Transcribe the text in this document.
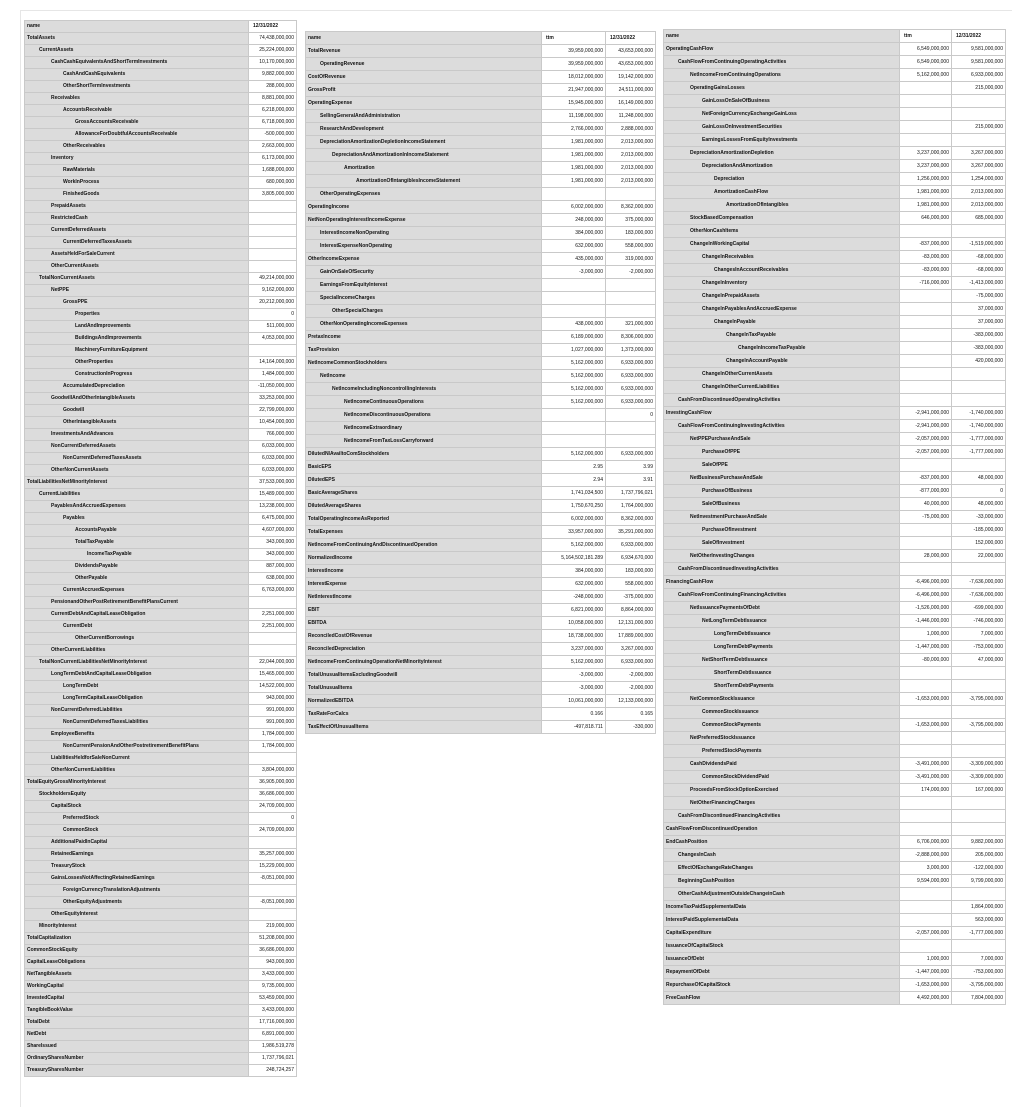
name	12/31/2022
TotalAssets	74,438,000,000
CurrentAssets	25,224,000,000
CashCashEquivalentsAndShortTermInvestments	10,170,000,000
CashAndCashEquivalents	9,882,000,000
OtherShortTermInvestments	288,000,000
Receivables	8,881,000,000
AccountsReceivable	6,218,000,000
GrossAccountsReceivable	6,718,000,000
AllowanceForDoubtfulAccountsReceivable	-500,000,000
OtherReceivables	2,663,000,000
Inventory	6,173,000,000
RawMaterials	1,688,000,000
WorkInProcess	680,000,000
FinishedGoods	3,805,000,000
PrepaidAssets	
RestrictedCash	
CurrentDeferredAssets	
CurrentDeferredTaxesAssets	
AssetsHeldForSaleCurrent	
OtherCurrentAssets	
TotalNonCurrentAssets	49,214,000,000
NetPPE	9,162,000,000
GrossPPE	20,212,000,000
Properties	0
LandAndImprovements	511,000,000
BuildingsAndImprovements	4,053,000,000
MachineryFurnitureEquipment	
OtherProperties	14,164,000,000
ConstructionInProgress	1,484,000,000
AccumulatedDepreciation	-11,050,000,000
GoodwillAndOtherIntangibleAssets	33,253,000,000
Goodwill	22,799,000,000
OtherIntangibleAssets	10,454,000,000
InvestmentsAndAdvances	766,000,000
NonCurrentDeferredAssets	6,033,000,000
NonCurrentDeferredTaxesAssets	6,033,000,000
OtherNonCurrentAssets	6,033,000,000
TotalLiabilitiesNetMinorityInterest	37,533,000,000
CurrentLiabilities	15,489,000,000
PayablesAndAccruedExpenses	13,238,000,000
Payables	6,475,000,000
AccountsPayable	4,607,000,000
TotalTaxPayable	343,000,000
IncomeTaxPayable	343,000,000
DividendsPayable	887,000,000
OtherPayable	638,000,000
CurrentAccruedExpenses	6,763,000,000
PensionandOtherPostRetirementBenefitPlansCurrent	
CurrentDebtAndCapitalLeaseObligation	2,251,000,000
CurrentDebt	2,251,000,000
OtherCurrentBorrowings	
OtherCurrentLiabilities	
TotalNonCurrentLiabilitiesNetMinorityInterest	22,044,000,000
LongTermDebtAndCapitalLeaseObligation	15,465,000,000
LongTermDebt	14,522,000,000
LongTermCapitalLeaseObligation	943,000,000
NonCurrentDeferredLiabilities	991,000,000
NonCurrentDeferredTaxesLiabilities	991,000,000
EmployeeBenefits	1,784,000,000
NonCurrentPensionAndOtherPostretirementBenefitPlans	1,784,000,000
LiabilitiesHeldforSaleNonCurrent	
OtherNonCurrentLiabilities	3,804,000,000
TotalEquityGrossMinorityInterest	36,905,000,000
StockholdersEquity	36,686,000,000
CapitalStock	24,709,000,000
PreferredStock	0
CommonStock	24,709,000,000
AdditionalPaidInCapital	
RetainedEarnings	35,257,000,000
TreasuryStock	15,229,000,000
GainsLossesNotAffectingRetainedEarnings	-8,051,000,000
ForeignCurrencyTranslationAdjustments	
OtherEquityAdjustments	-8,051,000,000
OtherEquityInterest	
MinorityInterest	219,000,000
TotalCapitalization	51,208,000,000
CommonStockEquity	36,686,000,000
CapitalLeaseObligations	943,000,000
NetTangibleAssets	3,433,000,000
WorkingCapital	9,735,000,000
InvestedCapital	53,459,000,000
TangibleBookValue	3,433,000,000
TotalDebt	17,716,000,000
NetDebt	6,891,000,000
ShareIssued	1,986,519,278
OrdinarySharesNumber	1,737,796,021
TreasurySharesNumber	248,724,257
name	ttm	12/31/2022
TotalRevenue	39,959,000,000	43,653,000,000
OperatingRevenue	39,959,000,000	43,653,000,000
CostOfRevenue	18,012,000,000	19,142,000,000
GrossProfit	21,947,000,000	24,511,000,000
OperatingExpense	15,945,000,000	16,149,000,000
SellingGeneralAndAdministration	11,198,000,000	11,248,000,000
ResearchAndDevelopment	2,766,000,000	2,888,000,000
DepreciationAmortizationDepletionIncomeStatement	1,981,000,000	2,013,000,000
DepreciationAndAmortizationInIncomeStatement	1,981,000,000	2,013,000,000
Amortization	1,981,000,000	2,013,000,000
AmortizationOfIntangiblesIncomeStatement	1,981,000,000	2,013,000,000
OtherOperatingExpenses		
OperatingIncome	6,002,000,000	8,362,000,000
NetNonOperatingInterestIncomeExpense	248,000,000	375,000,000
InterestIncomeNonOperating	384,000,000	183,000,000
InterestExpenseNonOperating	632,000,000	558,000,000
OtherIncomeExpense	435,000,000	319,000,000
GainOnSaleOfSecurity	-3,000,000	-2,000,000
EarningsFromEquityInterest		
SpecialIncomeCharges		
OtherSpecialCharges		
OtherNonOperatingIncomeExpenses	438,000,000	321,000,000
PretaxIncome	6,189,000,000	8,306,000,000
TaxProvision	1,027,000,000	1,373,000,000
NetIncomeCommonStockholders	5,162,000,000	6,933,000,000
NetIncome	5,162,000,000	6,933,000,000
NetIncomeIncludingNoncontrollingInterests	5,162,000,000	6,933,000,000
NetIncomeContinuousOperations	5,162,000,000	6,933,000,000
NetIncomeDiscontinuousOperations		0
NetIncomeExtraordinary		
NetIncomeFromTaxLossCarryforward		
DilutedNIAvailtoComStockholders	5,162,000,000	6,933,000,000
BasicEPS	2.95	3.99
DilutedEPS	2.94	3.91
BasicAverageShares	1,741,034,500	1,737,796,021
DilutedAverageShares	1,750,670,250	1,764,000,000
TotalOperatingIncomeAsReported	6,002,000,000	8,362,000,000
TotalExpenses	33,957,000,000	35,291,000,000
NetIncomeFromContinuingAndDiscontinuedOperation	5,162,000,000	6,933,000,000
NormalizedIncome	5,164,502,181.289	6,934,670,000
InterestIncome	384,000,000	183,000,000
InterestExpense	632,000,000	558,000,000
NetInterestIncome	-248,000,000	-375,000,000
EBIT	6,821,000,000	8,864,000,000
EBITDA	10,058,000,000	12,131,000,000
ReconciledCostOfRevenue	18,738,000,000	17,889,000,000
ReconciledDepreciation	3,237,000,000	3,267,000,000
NetIncomeFromContinuingOperationNetMinorityInterest	5,162,000,000	6,933,000,000
TotalUnusualItemsExcludingGoodwill	-3,000,000	-2,000,000
TotalUnusualItems	-3,000,000	-2,000,000
NormalizedEBITDA	10,061,000,000	12,133,000,000
TaxRateForCalcs	0.166	0.165
TaxEffectOfUnusualItems	-497,818.711	-330,000
name	ttm	12/31/2022
OperatingCashFlow	6,549,000,000	9,581,000,000
CashFlowFromContinuingOperatingActivities	6,549,000,000	9,581,000,000
NetIncomeFromContinuingOperations	5,162,000,000	6,933,000,000
OperatingGainsLosses		215,000,000
GainLossOnSaleOfBusiness		
NetForeignCurrencyExchangeGainLoss		
GainLossOnInvestmentSecurities		215,000,000
EarningsLossesFromEquityInvestments		
DepreciationAmortizationDepletion	3,237,000,000	3,267,000,000
DepreciationAndAmortization	3,237,000,000	3,267,000,000
Depreciation	1,256,000,000	1,254,000,000
AmortizationCashFlow	1,981,000,000	2,013,000,000
AmortizationOfIntangibles	1,981,000,000	2,013,000,000
StockBasedCompensation	646,000,000	685,000,000
OtherNonCashItems		
ChangeInWorkingCapital	-837,000,000	-1,519,000,000
ChangeInReceivables	-83,000,000	-68,000,000
ChangesInAccountReceivables	-83,000,000	-68,000,000
ChangeInInventory	-716,000,000	-1,413,000,000
ChangeInPrepaidAssets		-75,000,000
ChangeInPayablesAndAccruedExpense		37,000,000
ChangeInPayable		37,000,000
ChangeInTaxPayable		-383,000,000
ChangeInIncomeTaxPayable		-383,000,000
ChangeInAccountPayable		420,000,000
ChangeInOtherCurrentAssets		
ChangeInOtherCurrentLiabilities		
CashFromDiscontinuedOperatingActivities		
InvestingCashFlow	-2,941,000,000	-1,740,000,000
CashFlowFromContinuingInvestingActivities	-2,941,000,000	-1,740,000,000
NetPPEPurchaseAndSale	-2,057,000,000	-1,777,000,000
PurchaseOfPPE	-2,057,000,000	-1,777,000,000
SaleOfPPE		
NetBusinessPurchaseAndSale	-837,000,000	48,000,000
PurchaseOfBusiness	-877,000,000	0
SaleOfBusiness	40,000,000	48,000,000
NetInvestmentPurchaseAndSale	-75,000,000	-33,000,000
PurchaseOfInvestment		-185,000,000
SaleOfInvestment		152,000,000
NetOtherInvestingChanges	28,000,000	22,000,000
CashFromDiscontinuedInvestingActivities		
FinancingCashFlow	-6,496,000,000	-7,636,000,000
CashFlowFromContinuingFinancingActivities	-6,496,000,000	-7,636,000,000
NetIssuancePaymentsOfDebt	-1,526,000,000	-699,000,000
NetLongTermDebtIssuance	-1,446,000,000	-746,000,000
LongTermDebtIssuance	1,000,000	7,000,000
LongTermDebtPayments	-1,447,000,000	-753,000,000
NetShortTermDebtIssuance	-80,000,000	47,000,000
ShortTermDebtIssuance		
ShortTermDebtPayments		
NetCommonStockIssuance	-1,653,000,000	-3,795,000,000
CommonStockIssuance		
CommonStockPayments	-1,653,000,000	-3,795,000,000
NetPreferredStockIssuance		
PreferredStockPayments		
CashDividendsPaid	-3,491,000,000	-3,309,000,000
CommonStockDividendPaid	-3,491,000,000	-3,309,000,000
ProceedsFromStockOptionExercised	174,000,000	167,000,000
NetOtherFinancingCharges		
CashFromDiscontinuedFinancingActivities		
CashFlowFromDiscontinuedOperation		
EndCashPosition	6,706,000,000	9,882,000,000
ChangesInCash	-2,888,000,000	205,000,000
EffectOfExchangeRateChanges	3,000,000	-122,000,000
BeginningCashPosition	9,594,000,000	9,799,000,000
OtherCashAdjustmentOutsideChangeinCash		
IncomeTaxPaidSupplementalData		1,864,000,000
InterestPaidSupplementalData		563,000,000
CapitalExpenditure	-2,057,000,000	-1,777,000,000
IssuanceOfCapitalStock		
IssuanceOfDebt	1,000,000	7,000,000
RepaymentOfDebt	-1,447,000,000	-753,000,000
RepurchaseOfCapitalStock	-1,653,000,000	-3,795,000,000
FreeCashFlow	4,492,000,000	7,804,000,000
